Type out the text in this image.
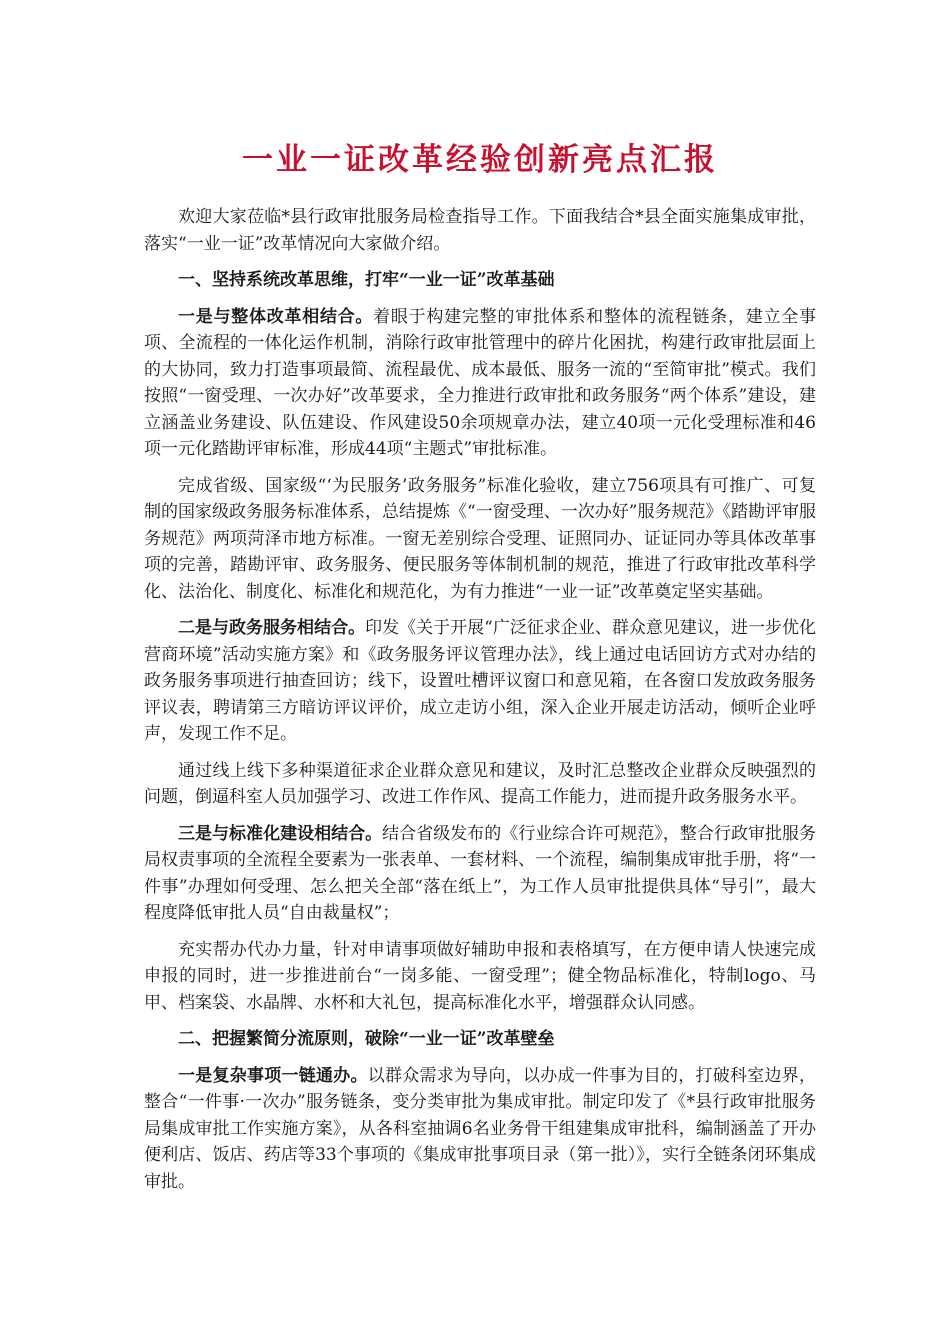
一业一证改革经验创新亮点汇报

欢迎大家莅临*县行政审批服务局检查指导工作。下面我结合*县全面实施集成审批，落实“一业一证”改革情况向大家做介绍。

一、坚持系统改革思维，打牢“一业一证”改革基础

一是与整体改革相结合。着眼于构建完整的审批体系和整体的流程链条，建立全事项、全流程的一体化运作机制，消除行政审批管理中的碎片化困扰，构建行政审批层面上的大协同，致力打造事项最简、流程最优、成本最低、服务一流的“至简审批”模式。我们按照“一窗受理、一次办好”改革要求，全力推进行政审批和政务服务“两个体系”建设，建立涵盖业务建设、队伍建设、作风建设50余项规章办法，建立40项一元化受理标准和46项一元化踏勘评审标准，形成44项“主题式”审批标准。

完成省级、国家级“‘为民服务’政务服务”标准化验收，建立756项具有可推广、可复制的国家级政务服务标准体系，总结提炼《“一窗受理、一次办好”服务规范》《踏勘评审服务规范》两项菏泽市地方标准。一窗无差别综合受理、证照同办、证证同办等具体改革事项的完善，踏勘评审、政务服务、便民服务等体制机制的规范，推进了行政审批改革科学化、法治化、制度化、标准化和规范化，为有力推进“一业一证”改革奠定坚实基础。

二是与政务服务相结合。印发《关于开展“广泛征求企业、群众意见建议，进一步优化营商环境”活动实施方案》和《政务服务评议管理办法》，线上通过电话回访方式对办结的政务服务事项进行抽查回访；线下，设置吐槽评议窗口和意见箱，在各窗口发放政务服务评议表，聘请第三方暗访评议评价，成立走访小组，深入企业开展走访活动，倾听企业呼声，发现工作不足。

通过线上线下多种渠道征求企业群众意见和建议，及时汇总整改企业群众反映强烈的问题，倒逼科室人员加强学习、改进工作作风、提高工作能力，进而提升政务服务水平。

三是与标准化建设相结合。结合省级发布的《行业综合许可规范》，整合行政审批服务局权责事项的全流程全要素为一张表单、一套材料、一个流程，编制集成审批手册，将“一件事”办理如何受理、怎么把关全部“落在纸上”，为工作人员审批提供具体“导引”，最大程度降低审批人员“自由裁量权”；

充实帮办代办力量，针对申请事项做好辅助申报和表格填写，在方便申请人快速完成申报的同时，进一步推进前台“一岗多能、一窗受理”；健全物品标准化，特制logo、马甲、档案袋、水晶牌、水杯和大礼包，提高标准化水平，增强群众认同感。

二、把握繁简分流原则，破除“一业一证”改革壁垒

一是复杂事项一链通办。以群众需求为导向，以办成一件事为目的，打破科室边界，整合“一件事·一次办”服务链条，变分类审批为集成审批。制定印发了《*县行政审批服务局集成审批工作实施方案》，从各科室抽调6名业务骨干组建集成审批科，编制涵盖了开办便利店、饭店、药店等33个事项的《集成审批事项目录（第一批）》，实行全链条闭环集成审批。
